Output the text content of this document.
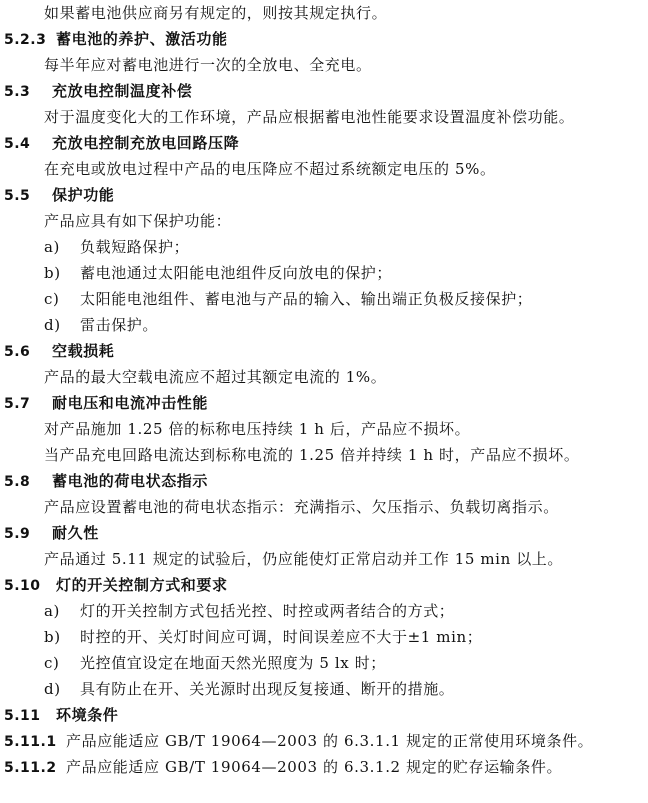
如果蓄电池供应商另有规定的，则按其规定执行。
5.2.3 蓄电池的养护、激活功能
每半年应对蓄电池进行一次的全放电、全充电。
5.3 充放电控制温度补偿
对于温度变化大的工作环境，产品应根据蓄电池性能要求设置温度补偿功能。
5.4 充放电控制充放电回路压降
在充电或放电过程中产品的电压降应不超过系统额定电压的 5%。
5.5 保护功能
产品应具有如下保护功能：
a) 负载短路保护；
b) 蓄电池通过太阳能电池组件反向放电的保护；
c) 太阳能电池组件、蓄电池与产品的输入、输出端正负极反接保护；
d) 雷击保护。
5.6 空载损耗
产品的最大空载电流应不超过其额定电流的 1%。
5.7 耐电压和电流冲击性能
对产品施加 1.25 倍的标称电压持续 1 h 后，产品应不损坏。
当产品充电回路电流达到标称电流的 1.25 倍并持续 1 h 时，产品应不损坏。
5.8 蓄电池的荷电状态指示
产品应设置蓄电池的荷电状态指示：充满指示、欠压指示、负载切离指示。
5.9 耐久性
产品通过 5.11 规定的试验后，仍应能使灯正常启动并工作 15 min 以上。
5.10 灯的开关控制方式和要求
a) 灯的开关控制方式包括光控、时控或两者结合的方式；
b) 时控的开、关灯时间应可调，时间误差应不大于±1 min；
c) 光控值宜设定在地面天然光照度为 5 lx 时；
d) 具有防止在开、关光源时出现反复接通、断开的措施。
5.11 环境条件
5.11.1 产品应能适应 GB/T 19064—2003 的 6.3.1.1 规定的正常使用环境条件。
5.11.2 产品应能适应 GB/T 19064—2003 的 6.3.1.2 规定的贮存运输条件。
